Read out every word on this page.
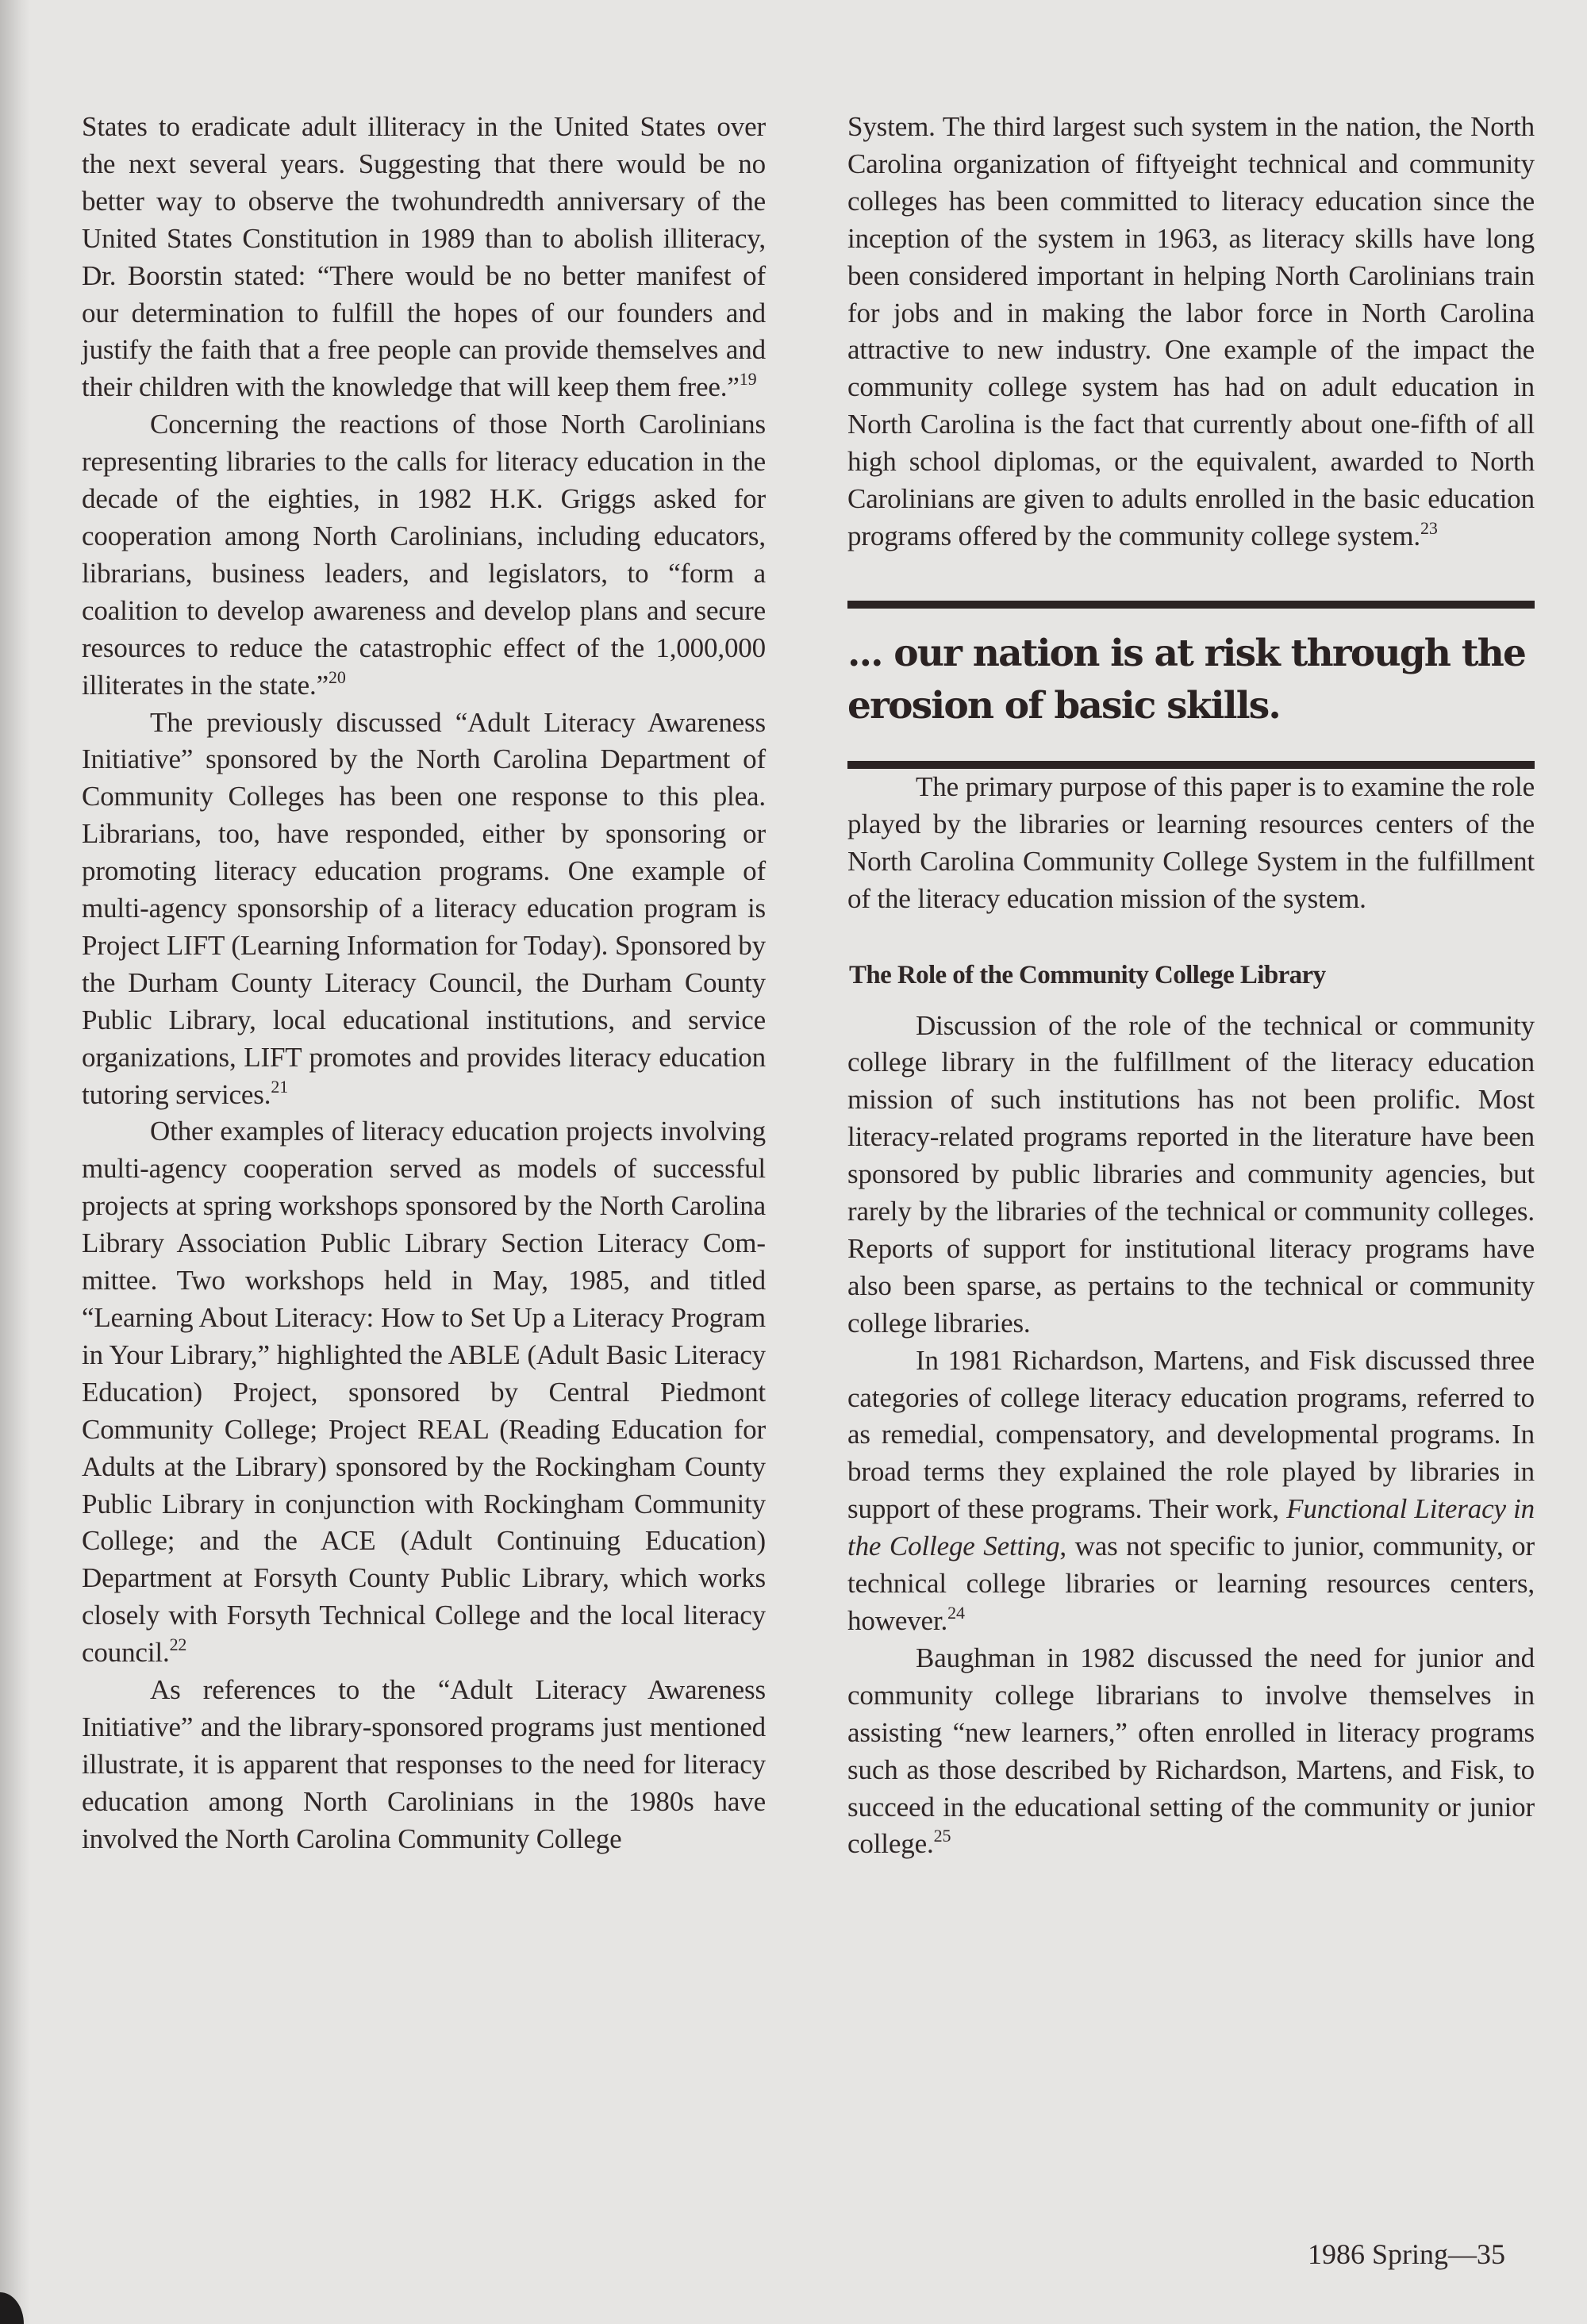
States to eradicate adult illiteracy in the United States over the next several years. Suggesting that there would be no better way to observe the twohundredth anniversary of the United States Constitution in 1989 than to abolish illiteracy, Dr. Boorstin stated: “There would be no better manifest of our determination to fulfill the hopes of our founders and justify the faith that a free people can provide themselves and their children with the knowledge that will keep them free.”$^{19}$

Concerning the reactions of those North Carolinians representing libraries to the calls for literacy education in the decade of the eighties, in 1982 H.K. Griggs asked for cooperation among North Carolinians, including educators, librarians, business leaders, and legislators, to “form a coalition to develop awareness and develop plans and secure resources to reduce the catastrophic effect of the 1,000,000 illiterates in the state.”$^{20}$

The previously discussed “Adult Literacy Awareness Initiative” sponsored by the North Carolina Department of Community Colleges has been one response to this plea. Librarians, too, have responded, either by sponsoring or promoting literacy education programs. One example of multi-agency sponsorship of a literacy education program is Project LIFT (Learning Information for Today). Sponsored by the Durham County Literacy Council, the Durham County Public Library, local educational institutions, and service organizations, LIFT promotes and provides literacy education tutoring services.$^{21}$

Other examples of literacy education projects involving multi-agency cooperation served as models of successful projects at spring workshops sponsored by the North Carolina Library Association Public Library Section Literacy Committee. Two workshops held in May, 1985, and titled “Learning About Literacy: How to Set Up a Literacy Program in Your Library,” highlighted the ABLE (Adult Basic Literacy Education) Project, sponsored by Central Piedmont Community College; Project REAL (Reading Education for Adults at the Library) sponsored by the Rockingham County Public Library in conjunction with Rockingham Community College; and the ACE (Adult Continuing Education) Department at Forsyth County Public Library, which works closely with Forsyth Technical College and the local literacy council.$^{22}$

As references to the “Adult Literacy Awareness Initiative” and the library-sponsored programs just mentioned illustrate, it is apparent that responses to the need for literacy education among North Carolinians in the 1980s have involved the North Carolina Community College

System. The third largest such system in the nation, the North Carolina organization of fiftyeight technical and community colleges has been committed to literacy education since the inception of the system in 1963, as literacy skills have long been considered important in helping North Carolinians train for jobs and in making the labor force in North Carolina attractive to new industry. One example of the impact the community college system has had on adult education in North Carolina is the fact that currently about one-fifth of all high school diplomas, or the equivalent, awarded to North Carolinians are given to adults enrolled in the basic education programs offered by the community college system.$^{23}$

... our nation is at risk through the erosion of basic skills.

The primary purpose of this paper is to examine the role played by the libraries or learning resources centers of the North Carolina Community College System in the fulfillment of the literacy education mission of the system.

The Role of the Community College Library

Discussion of the role of the technical or community college library in the fulfillment of the literacy education mission of such institutions has not been prolific. Most literacy-related programs reported in the literature have been sponsored by public libraries and community agencies, but rarely by the libraries of the technical or community colleges. Reports of support for institutional literacy programs have also been sparse, as pertains to the technical or community college libraries.

In 1981 Richardson, Martens, and Fisk discussed three categories of college literacy education programs, referred to as remedial, compensatory, and developmental programs. In broad terms they explained the role played by libraries in support of these programs. Their work, Functional Literacy in the College Setting, was not specific to junior, community, or technical college libraries or learning resources centers, however.$^{24}$

Baughman in 1982 discussed the need for junior and community college librarians to involve themselves in assisting “new learners,” often enrolled in literacy programs such as those described by Richardson, Martens, and Fisk, to succeed in the educational setting of the community or junior college.$^{25}$

1986 Spring—35
